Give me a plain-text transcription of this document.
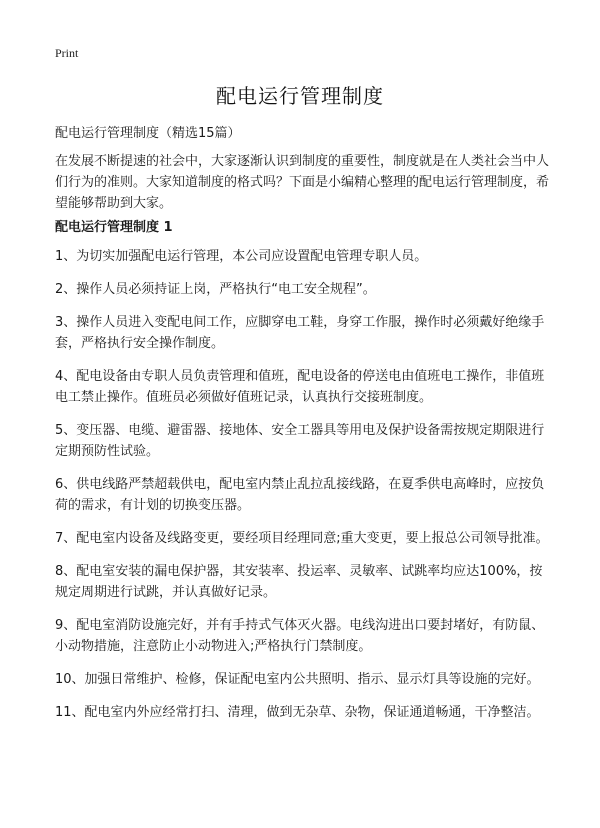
Print
配电运行管理制度
配电运行管理制度（精选15篇）

在发展不断提速的社会中，大家逐渐认识到制度的重要性，制度就是在人类社会当中人们行为的准则。大家知道制度的格式吗？下面是小编精心整理的配电运行管理制度，希望能够帮助到大家。

配电运行管理制度 1
1、为切实加强配电运行管理，本公司应设置配电管理专职人员。
2、操作人员必须持证上岗，严格执行“电工安全规程”。
3、操作人员进入变配电间工作，应脚穿电工鞋，身穿工作服，操作时必须戴好绝缘手套，严格执行安全操作制度。
4、配电设备由专职人员负责管理和值班，配电设备的停送电由值班电工操作，非值班电工禁止操作。值班员必须做好值班记录，认真执行交接班制度。
5、变压器、电缆、避雷器、接地体、安全工器具等用电及保护设备需按规定期限进行定期预防性试验。
6、供电线路严禁超载供电，配电室内禁止乱拉乱接线路，在夏季供电高峰时，应按负荷的需求，有计划的切换变压器。
7、配电室内设备及线路变更，要经项目经理同意;重大变更，要上报总公司领导批准。
8、配电室安装的漏电保护器，其安装率、投运率、灵敏率、试跳率均应达100%，按规定周期进行试跳，并认真做好记录。
9、配电室消防设施完好，并有手持式气体灭火器。电线沟进出口要封堵好，有防鼠、小动物措施，注意防止小动物进入;严格执行门禁制度。
10、加强日常维护、检修，保证配电室内公共照明、指示、显示灯具等设施的完好。
11、配电室内外应经常打扫、清理，做到无杂草、杂物，保证通道畅通，干净整洁。
